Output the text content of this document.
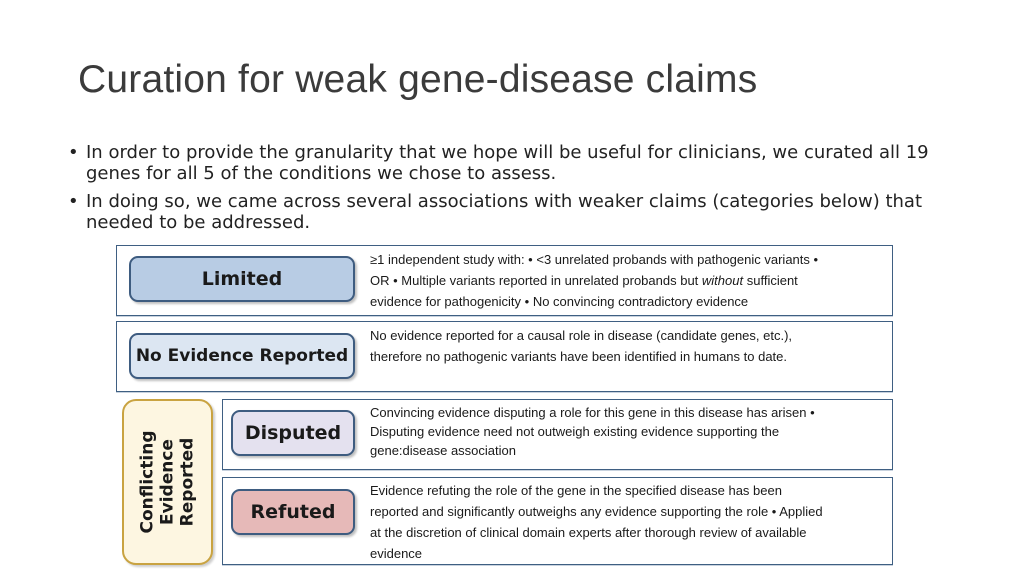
Curation for weak gene-disease claims
• In order to provide the granularity that we hope will be useful for clinicians, we curated all 19 genes for all 5 of the conditions we chose to assess.
• In doing so, we came across several associations with weaker claims (categories below) that needed to be addressed.
Limited
≥1 independent study with: • <3 unrelated probands with pathogenic variants •
OR • Multiple variants reported in unrelated probands but without sufficient
evidence for pathogenicity • No convincing contradictory evidence
No Evidence Reported
No evidence reported for a causal role in disease (candidate genes, etc.),
therefore no pathogenic variants have been identified in humans to date.
Conflicting Evidence Reported
Disputed
Convincing evidence disputing a role for this gene in this disease has arisen •
Disputing evidence need not outweigh existing evidence supporting the
gene:disease association
Refuted
Evidence refuting the role of the gene in the specified disease has been
reported and significantly outweighs any evidence supporting the role • Applied
at the discretion of clinical domain experts after thorough review of available
evidence
